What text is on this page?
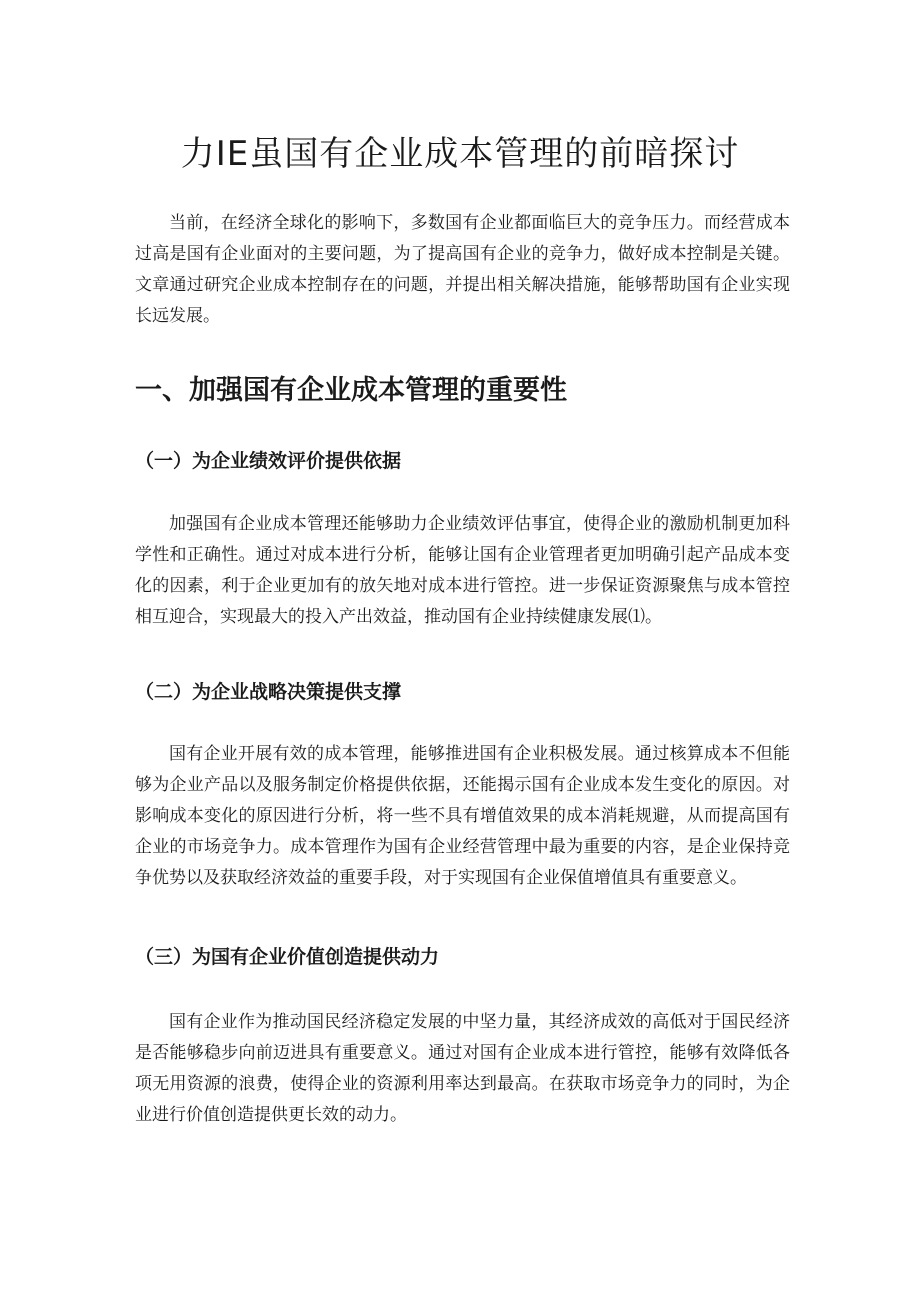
力IE虽国有企业成本管理的前暗探讨

当前，在经济全球化的影响下，多数国有企业都面临巨大的竞争压力。而经营成本过高是国有企业面对的主要问题，为了提高国有企业的竞争力，做好成本控制是关键。文章通过研究企业成本控制存在的问题，并提出相关解决措施，能够帮助国有企业实现长远发展。

一、加强国有企业成本管理的重要性
（一）为企业绩效评价提供依据

加强国有企业成本管理还能够助力企业绩效评估事宜，使得企业的激励机制更加科学性和正确性。通过对成本进行分析，能够让国有企业管理者更加明确引起产品成本变化的因素，利于企业更加有的放矢地对成本进行管控。进一步保证资源聚焦与成本管控相互迎合，实现最大的投入产出效益，推动国有企业持续健康发展⑴。

（二）为企业战略决策提供支撑

国有企业开展有效的成本管理，能够推进国有企业积极发展。通过核算成本不但能够为企业产品以及服务制定价格提供依据，还能揭示国有企业成本发生变化的原因。对影响成本变化的原因进行分析，将一些不具有增值效果的成本消耗规避，从而提高国有企业的市场竞争力。成本管理作为国有企业经营管理中最为重要的内容，是企业保持竞争优势以及获取经济效益的重要手段，对于实现国有企业保值增值具有重要意义。

（三）为国有企业价值创造提供动力

国有企业作为推动国民经济稳定发展的中坚力量，其经济成效的高低对于国民经济是否能够稳步向前迈进具有重要意义。通过对国有企业成本进行管控，能够有效降低各项无用资源的浪费，使得企业的资源利用率达到最高。在获取市场竞争力的同时，为企业进行价值创造提供更长效的动力。
